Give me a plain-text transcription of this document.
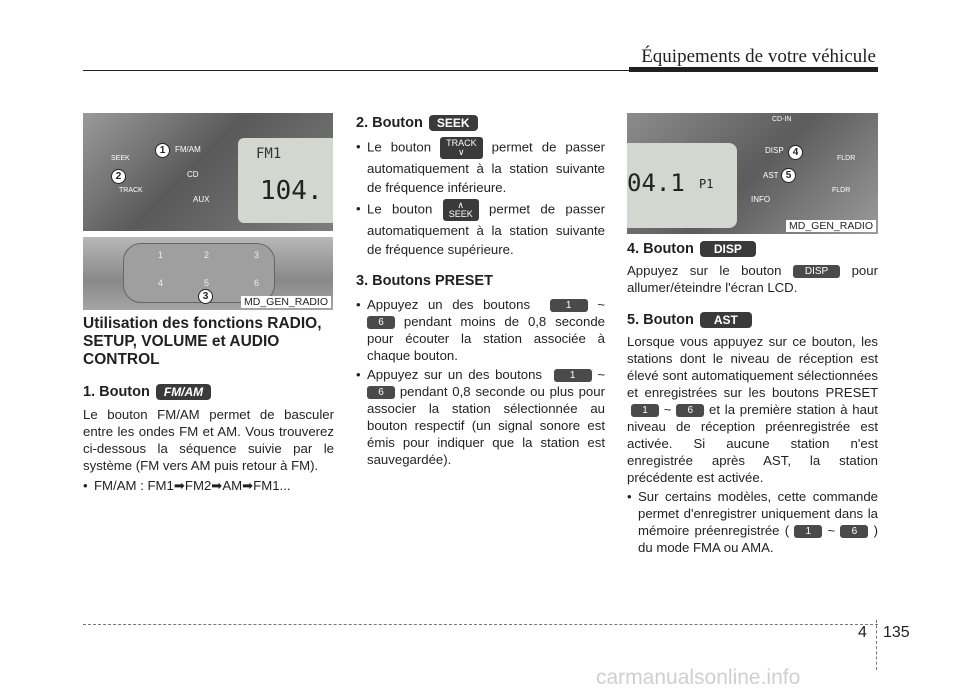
Équipements de votre véhicule
FM1
104.
FM/AM
CD
AUX
SEEK
TRACK
1
2
1	2	3
4	5	6
3	MD_GEN_RADIO
Utilisation des fonctions RADIO, SETUP, VOLUME et AUDIO CONTROL
1. Bouton	FM/AM

Le bouton FM/AM permet de basculer entre les ondes FM et AM. Vous trouverez ci-dessous la séquence suivie par le système (FM vers AM puis retour à FM).

• FM/AM : FM1➡FM2➡AM➡FM1...

2. Bouton	SEEK

• Le bouton TRACK
∨ permet de passer automatiquement à la station suivante de fréquence inférieure.

• Le bouton	∧
SEEK permet de passer automatiquement à la station suivante de fréquence supérieure.

3. Boutons PRESET

• Appuyez un des boutons	1 ~ 6 pendant moins de 0,8 seconde pour écouter la station associée à chaque bouton.

• Appuyez sur un des boutons	1 ~ 6 pendant 0,8 seconde ou plus pour associer la station sélectionnée au bouton respectif (un signal sonore est émis pour indiquer que la station est sauvegardée).

04.1 P1
CD-IN
DISP
AST
INFO
FLDR
FLDR
4
5
MD_GEN_RADIO
4. Bouton	DISP

Appuyez sur le bouton DISP pour allumer/éteindre l'écran LCD.

5. Bouton	AST

Lorsque vous appuyez sur ce bouton, les stations dont le niveau de réception est élevé sont automatiquement sélectionnées et enregistrées sur les boutons PRESET 1 ~ 6 et la première station à haut niveau de réception préenregistrée est activée. Si aucune station n'est enregistrée après AST, la station précédente est activée.

• Sur certains modèles, cette commande permet d'enregistrer uniquement dans la mémoire préenregistrée ( 1 ~ 6 ) du mode FMA ou AMA.

4 135
carmanualsonline.info
